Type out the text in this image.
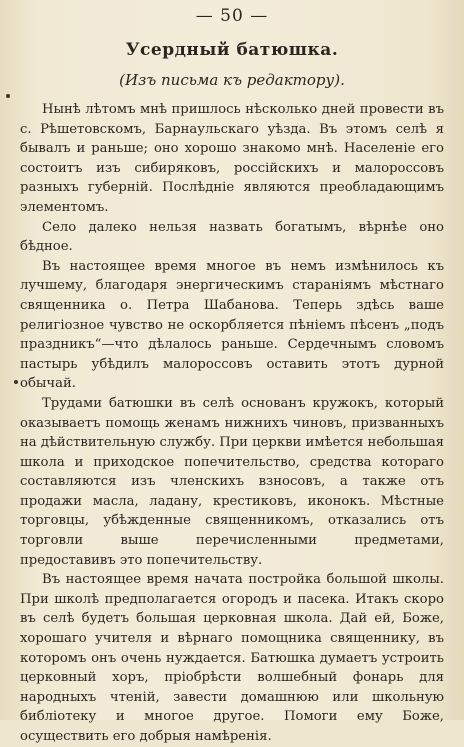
— 50 —
Усердный батюшка.
(Изъ письма къ редактору).

Нынѣ лѣтомъ мнѣ пришлось нѣсколько дней провести въ с. Рѣшетовскомъ, Барнаульскаго уѣзда. Въ этомъ селѣ я бывалъ и раньше; оно хорошо знакомо мнѣ. Населеніе его состоитъ изъ сибиряковъ, россійскихъ и малороссовъ разныхъ губерній. Послѣдніе являются преобладающимъ элементомъ.

Село далеко нельзя назвать богатымъ, вѣрнѣе оно бѣдное.

Въ настоящее время многое въ немъ измѣнилось къ лучшему, благодаря энергическимъ стараніямъ мѣстнаго священника о. Петра Шабанова. Теперь здѣсь ваше религіозное чувство не оскорбляется пѣніемъ пѣсенъ „подъ праздникъ“—что дѣлалось раньше. Сердечнымъ словомъ пастырь убѣдилъ малороссовъ оставить этотъ дурной обычай.

Трудами батюшки въ селѣ основанъ кружокъ, который оказываетъ помощь женамъ нижнихъ чиновъ, призванныхъ на дѣйствительную службу. При церкви имѣется небольшая школа и приходское попечительство, средства котораго составляются изъ членскихъ взносовъ, а также отъ продажи масла, ладану, крестиковъ, иконокъ. Мѣстные торговцы, убѣжденные священникомъ, отказались отъ торговли выше перечисленными предметами, предоставивъ это попечительству.

Въ настоящее время начата постройка большой школы. При школѣ предполагается огородъ и пасека. Итакъ скоро въ селѣ будетъ большая церковная школа. Дай ей, Боже, хорошаго учителя и вѣрнаго помощника священнику, въ которомъ онъ очень нуждается. Батюшка думаетъ устроить церковный хоръ, пріобрѣсти волшебный фонарь для народныхъ чтеній, завести домашнюю или школьную библіотеку и многое другое. Помоги ему Боже, осуществить его добрыя намѣренія.
